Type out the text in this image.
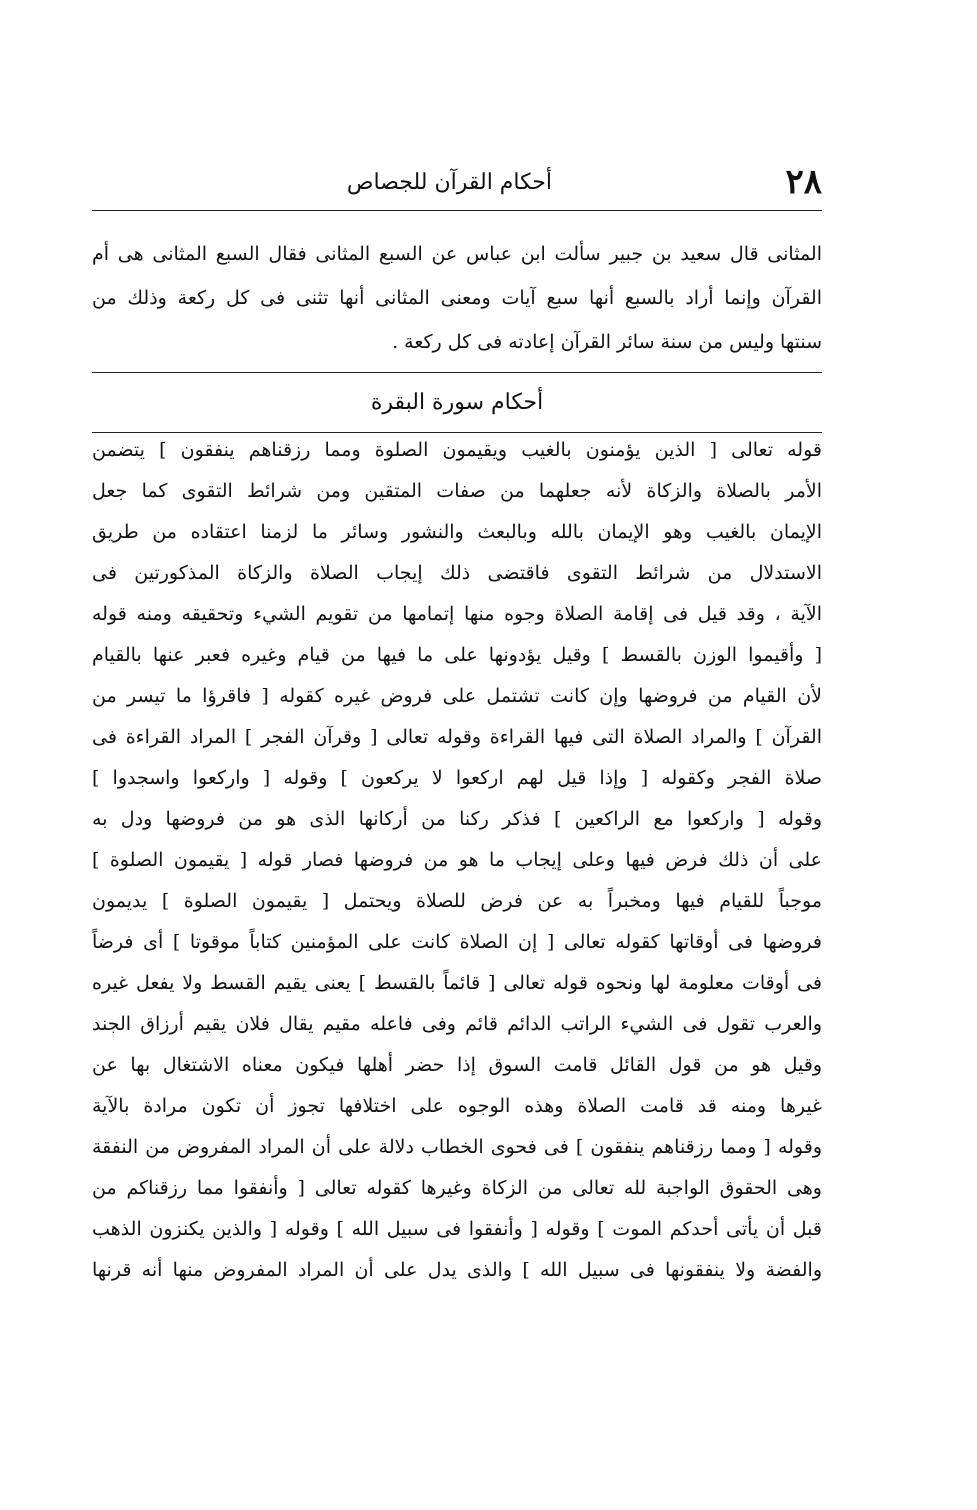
٢٨
أحكام القرآن للجصاص
المثانى قال سعيد بن جبير سألت ابن عباس عن السبع المثانى فقال السبع المثانى هى أم
القرآن وإنما أراد بالسبع أنها سبع آيات ومعنى المثانى أنها تثنى فى كل ركعة وذلك من
سنتها وليس من سنة سائر القرآن إعادته فى كل ركعة .
أحكام سورة البقرة
قوله تعالى [ الذين يؤمنون بالغيب ويقيمون الصلوة ومما رزقناهم ينفقون ] يتضمن
الأمر بالصلاة والزكاة لأنه جعلهما من صفات المتقين ومن شرائط التقوى كما جعل
الإيمان بالغيب وهو الإيمان بالله وبالبعث والنشور وسائر ما لزمنا اعتقاده من طريق
الاستدلال من شرائط التقوى فاقتضى ذلك إيجاب الصلاة والزكاة المذكورتين فى
الآية ، وقد قيل فى إقامة الصلاة وجوه منها إتمامها من تقويم الشيء وتحقيقه ومنه قوله
[ وأقيموا الوزن بالقسط ] وقيل يؤدونها على ما فيها من قيام وغيره فعبر عنها بالقيام
لأن القيام من فروضها وإن كانت تشتمل على فروض غيره كقوله [ فاقرؤا ما تيسر من
القرآن ] والمراد الصلاة التى فيها القراءة وقوله تعالى [ وقرآن الفجر ] المراد القراءة فى
صلاة الفجر وكقوله [ وإذا قيل لهم اركعوا لا يركعون ] وقوله [ واركعوا واسجدوا ]
وقوله [ واركعوا مع الراكعين ] فذكر ركنا من أركانها الذى هو من فروضها ودل به
على أن ذلك فرض فيها وعلى إيجاب ما هو من فروضها فصار قوله [ يقيمون الصلوة ]
موجباً للقيام فيها ومخبراً به عن فرض للصلاة ويحتمل [ يقيمون الصلوة ] يديمون
فروضها فى أوقاتها كقوله تعالى [ إن الصلاة كانت على المؤمنين كتاباً موقوتا ] أى فرضاً
فى أوقات معلومة لها ونحوه قوله تعالى [ قائماً بالقسط ] يعنى يقيم القسط ولا يفعل غيره
والعرب تقول فى الشيء الراتب الدائم قائم وفى فاعله مقيم يقال فلان يقيم أرزاق الجند
وقيل هو من قول القائل قامت السوق إذا حضر أهلها فيكون معناه الاشتغال بها عن
غيرها ومنه قد قامت الصلاة وهذه الوجوه على اختلافها تجوز أن تكون مرادة بالآية
وقوله [ ومما رزقناهم ينفقون ] فى فحوى الخطاب دلالة على أن المراد المفروض من النفقة
وهى الحقوق الواجبة لله تعالى من الزكاة وغيرها كقوله تعالى [ وأنفقوا مما رزقناكم من
قبل أن يأتى أحدكم الموت ] وقوله [ وأنفقوا فى سبيل الله ] وقوله [ والذين يكنزون الذهب
والفضة ولا ينفقونها فى سبيل الله ] والذى يدل على أن المراد المفروض منها أنه قرنها
